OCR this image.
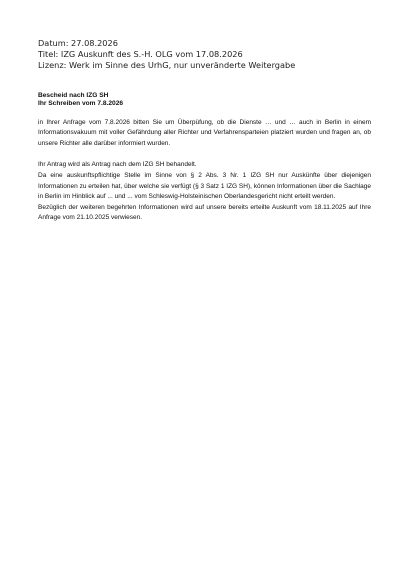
Datum: 27.08.2026
Titel: IZG Auskunft des S.-H. OLG vom 17.08.2026
Lizenz: Werk im Sinne des UrhG, nur unveränderte Weitergabe
Bescheid nach IZG SH
Ihr Schreiben vom 7.8.2026

in Ihrer Anfrage vom 7.8.2026 bitten Sie um Überpüfung, ob die Dienste … und … auch in Berlin in einem Informationsvakuum mit voller Gefährdung aller Richter und Verfahrensparteien platziert wurden und fragen an, ob unsere Richter alle darüber informiert wurden.

Ihr Antrag wird als Antrag nach dem IZG SH behandelt.

Da eine auskunftspflichtige Stelle im Sinne von § 2 Abs. 3 Nr. 1 IZG SH nur Auskünfte über diejenigen Informationen zu erteilen hat, über welche sie verfügt (§ 3 Satz 1 IZG SH), können Informationen über die Sachlage in Berlin im Hinblick auf ... und ... vom Schleswig-Holsteinischen Oberlandesgericht nicht erteilt werden.

Bezüglich der weiteren begehrten Informationen wird auf unsere bereits erteilte Auskunft vom 18.11.2025 auf Ihre Anfrage vom 21.10.2025 verwiesen.
